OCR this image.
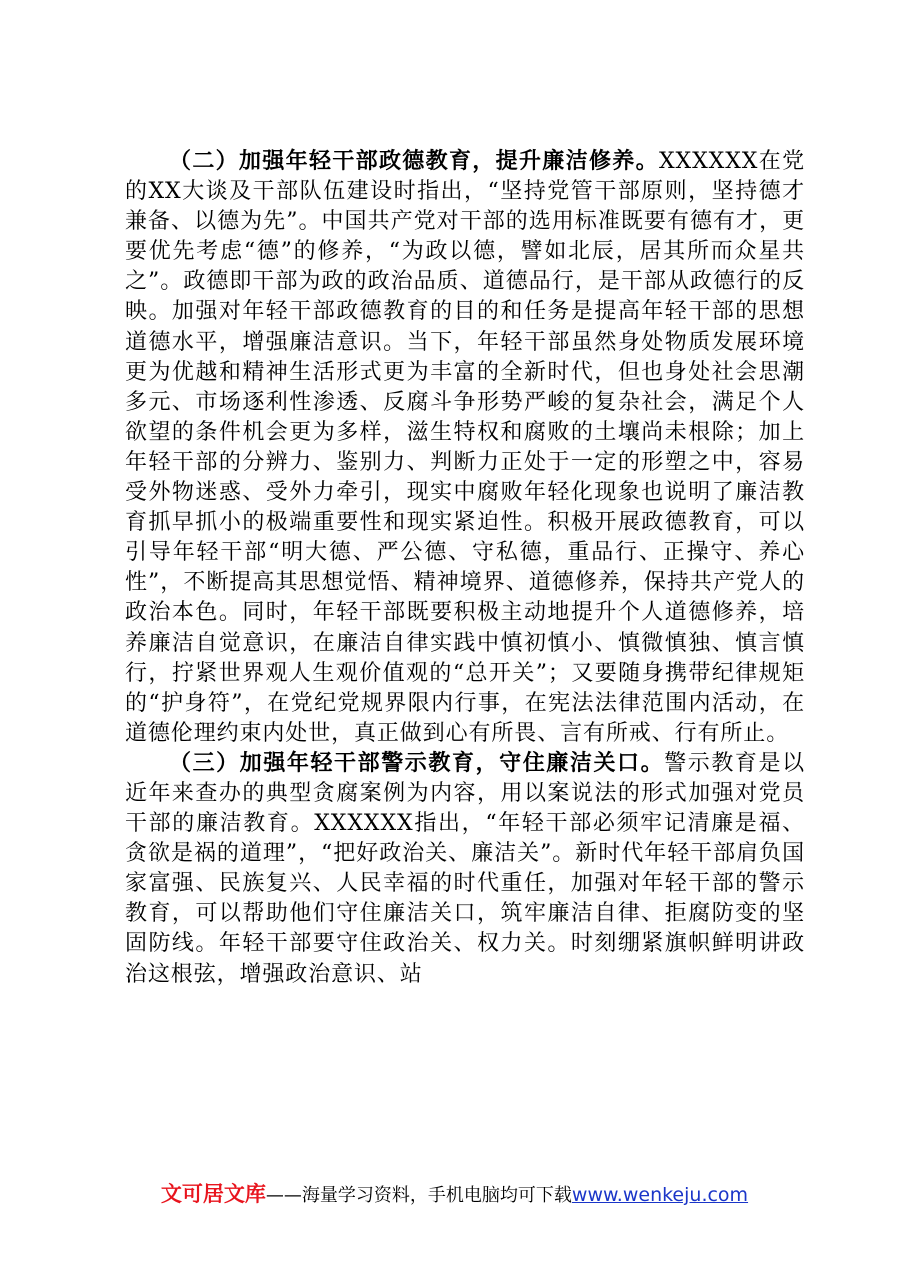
（二）加强年轻干部政德教育，提升廉洁修养。XXXXXX在党的XX大谈及干部队伍建设时指出，“坚持党管干部原则，坚持德才兼备、以德为先”。中国共产党对干部的选用标准既要有德有才，更要优先考虑“德”的修养，“为政以德，譬如北辰，居其所而众星共之”。政德即干部为政的政治品质、道德品行，是干部从政德行的反映。加强对年轻干部政德教育的目的和任务是提高年轻干部的思想道德水平，增强廉洁意识。当下，年轻干部虽然身处物质发展环境更为优越和精神生活形式更为丰富的全新时代，但也身处社会思潮多元、市场逐利性渗透、反腐斗争形势严峻的复杂社会，满足个人欲望的条件机会更为多样，滋生特权和腐败的土壤尚未根除；加上年轻干部的分辨力、鉴别力、判断力正处于一定的形塑之中，容易受外物迷惑、受外力牵引，现实中腐败年轻化现象也说明了廉洁教育抓早抓小的极端重要性和现实紧迫性。积极开展政德教育，可以引导年轻干部“明大德、严公德、守私德，重品行、正操守、养心性”，不断提高其思想觉悟、精神境界、道德修养，保持共产党人的政治本色。同时，年轻干部既要积极主动地提升个人道德修养，培养廉洁自觉意识，在廉洁自律实践中慎初慎小、慎微慎独、慎言慎行，拧紧世界观人生观价值观的“总开关”；又要随身携带纪律规矩的“护身符”，在党纪党规界限内行事，在宪法法律范围内活动，在道德伦理约束内处世，真正做到心有所畏、言有所戒、行有所止。

（三）加强年轻干部警示教育，守住廉洁关口。警示教育是以近年来查办的典型贪腐案例为内容，用以案说法的形式加强对党员干部的廉洁教育。XXXXXX指出，“年轻干部必须牢记清廉是福、贪欲是祸的道理”，“把好政治关、廉洁关”。新时代年轻干部肩负国家富强、民族复兴、人民幸福的时代重任，加强对年轻干部的警示教育，可以帮助他们守住廉洁关口，筑牢廉洁自律、拒腐防变的坚固防线。年轻干部要守住政治关、权力关。时刻绷紧旗帜鲜明讲政治这根弦，增强政治意识、站

文可居文库——海量学习资料，手机电脑均可下载www.wenkeju.com
